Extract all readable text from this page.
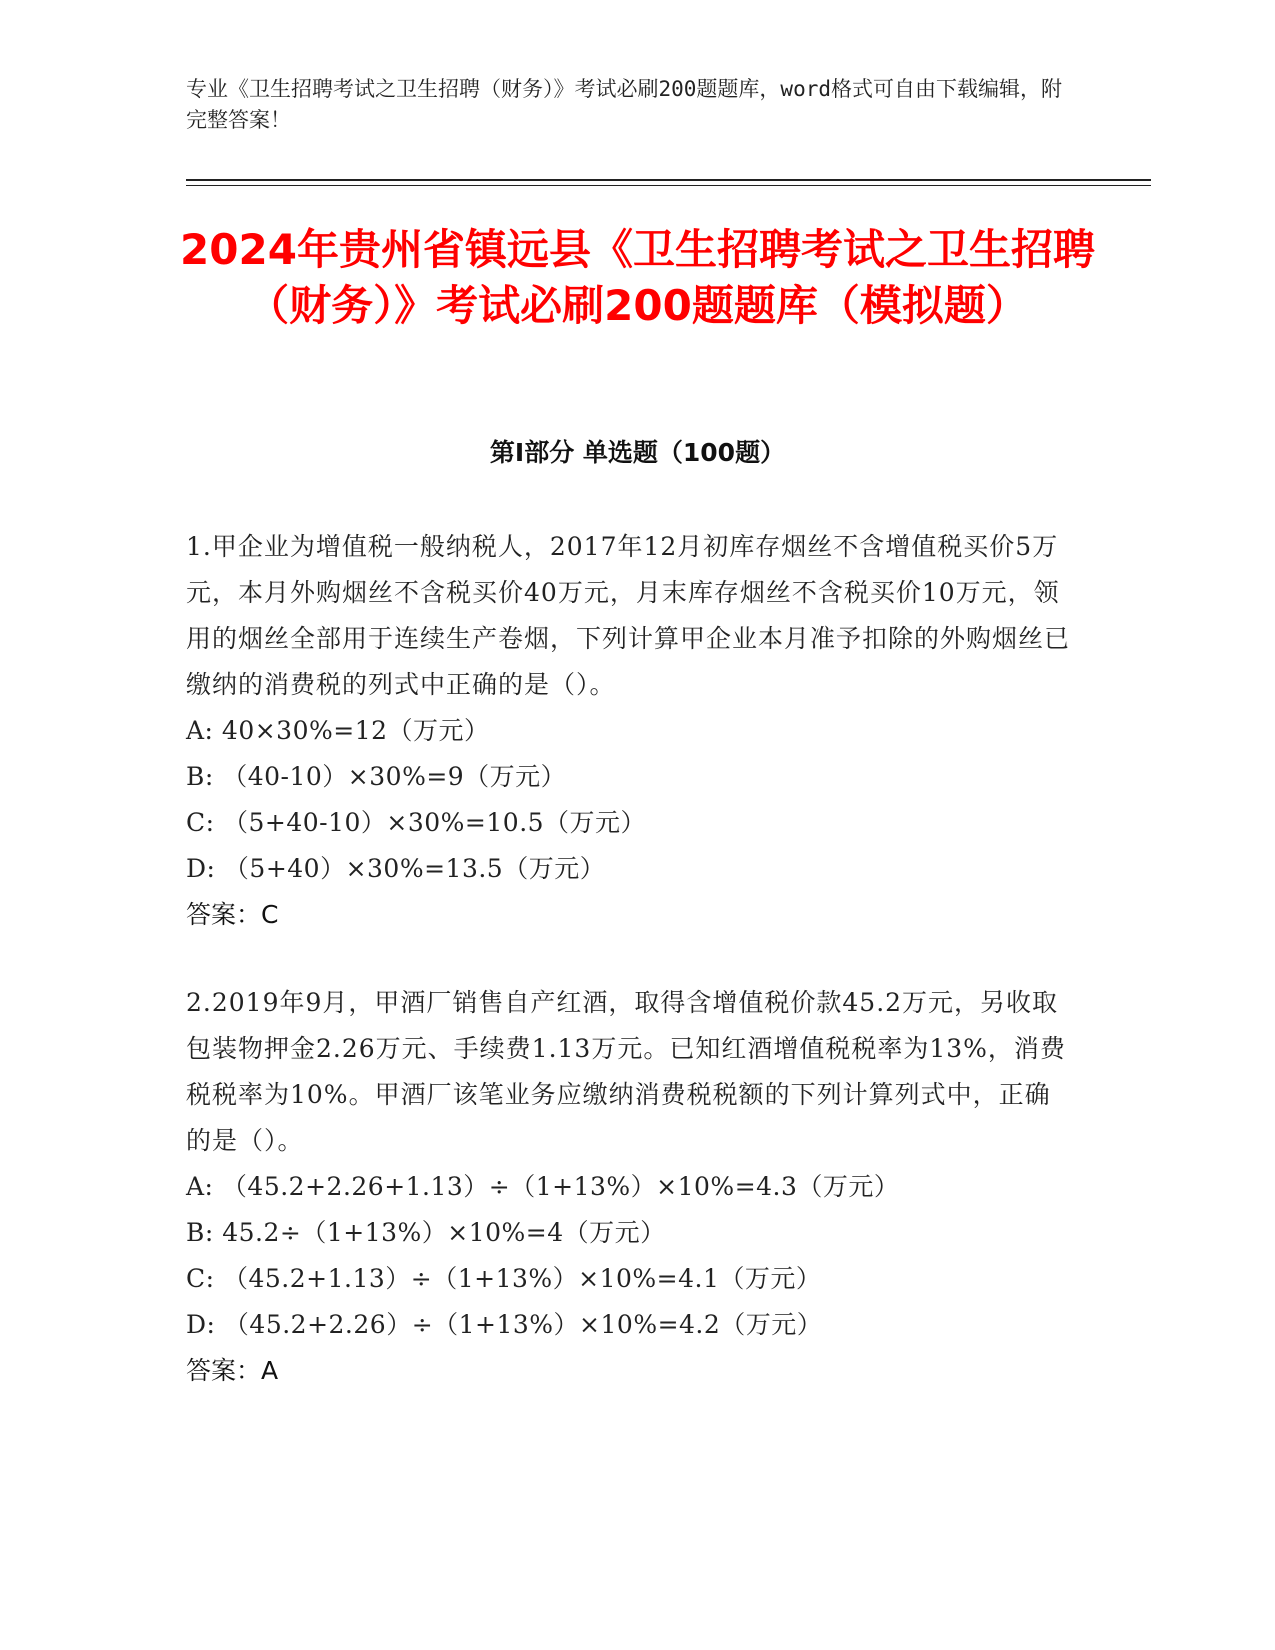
专业《卫生招聘考试之卫生招聘（财务）》考试必刷200题题库，word格式可自由下载编辑，附完整答案！
2024年贵州省镇远县《卫生招聘考试之卫生招聘（财务）》考试必刷200题题库（模拟题）
第I部分 单选题（100题）

1.甲企业为增值税一般纳税人，2017年12月初库存烟丝不含增值税买价5万元，本月外购烟丝不含税买价40万元，月末库存烟丝不含税买价10万元，领用的烟丝全部用于连续生产卷烟，下列计算甲企业本月准予扣除的外购烟丝已缴纳的消费税的列式中正确的是（）。

A: 40×30%=12（万元）
B: （40-10）×30%=9（万元）
C: （5+40-10）×30%=10.5（万元）
D: （5+40）×30%=13.5（万元）

答案：C

2.2019年9月，甲酒厂销售自产红酒，取得含增值税价款45.2万元，另收取包装物押金2.26万元、手续费1.13万元。已知红酒增值税税率为13%，消费税税率为10%。甲酒厂该笔业务应缴纳消费税税额的下列计算列式中，正确的是（）。

A: （45.2+2.26+1.13）÷（1+13%）×10%=4.3（万元）
B: 45.2÷（1+13%）×10%=4（万元）
C: （45.2+1.13）÷（1+13%）×10%=4.1（万元）
D: （45.2+2.26）÷（1+13%）×10%=4.2（万元）

答案：A
